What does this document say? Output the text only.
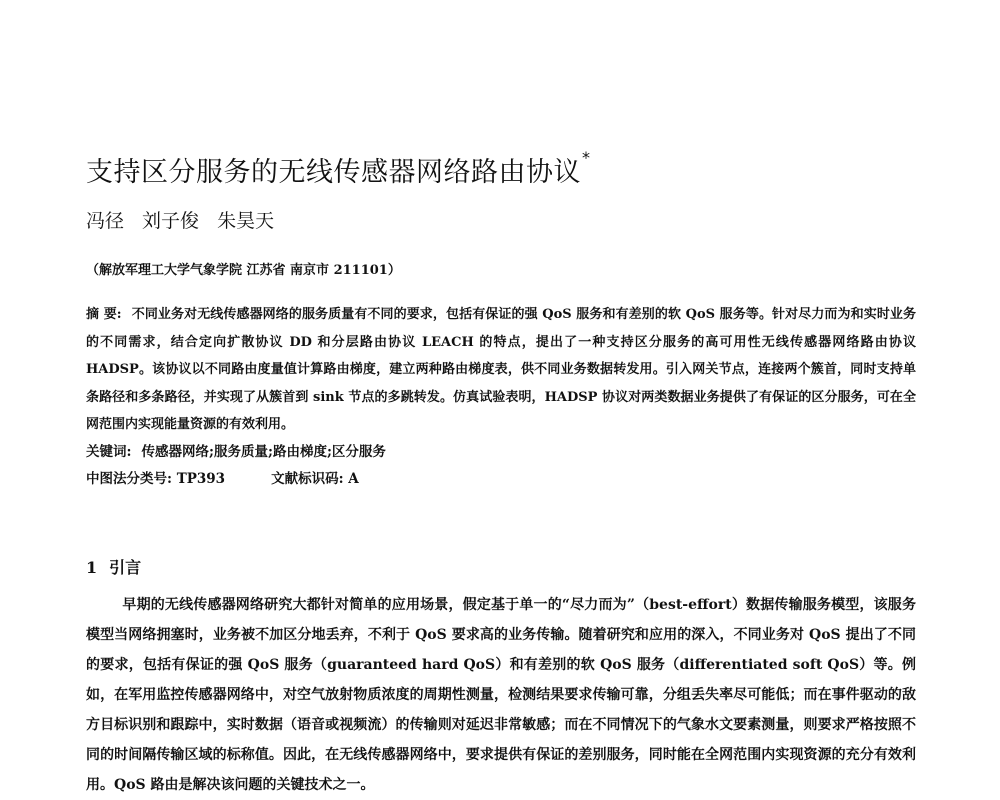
支持区分服务的无线传感器网络路由协议*
冯径 刘子俊 朱昊天
（解放军理工大学气象学院 江苏省 南京市 211101）

摘 要: 不同业务对无线传感器网络的服务质量有不同的要求，包括有保证的强 QoS 服务和有差别的软 QoS 服务等。针对尽力而为和实时业务的不同需求，结合定向扩散协议 DD 和分层路由协议 LEACH 的特点，提出了一种支持区分服务的高可用性无线传感器网络路由协议 HADSP。该协议以不同路由度量值计算路由梯度，建立两种路由梯度表，供不同业务数据转发用。引入网关节点，连接两个簇首，同时支持单条路径和多条路径，并实现了从簇首到 sink 节点的多跳转发。仿真试验表明，HADSP 协议对两类数据业务提供了有保证的区分服务，可在全网范围内实现能量资源的有效利用。

关键词: 传感器网络;服务质量;路由梯度;区分服务

中图法分类号: TP393	文献标识码: A

1 引言

早期的无线传感器网络研究大都针对简单的应用场景，假定基于单一的“尽力而为”（best-effort）数据传输服务模型，该服务模型当网络拥塞时，业务被不加区分地丢弃，不利于 QoS 要求高的业务传输。随着研究和应用的深入，不同业务对 QoS 提出了不同的要求，包括有保证的强 QoS 服务（guaranteed hard QoS）和有差别的软 QoS 服务（differentiated soft QoS）等。例如，在军用监控传感器网络中，对空气放射物质浓度的周期性测量，检测结果要求传输可靠，分组丢失率尽可能低；而在事件驱动的敌方目标识别和跟踪中，实时数据（语音或视频流）的传输则对延迟非常敏感；而在不同情况下的气象水文要素测量，则要求严格按照不同的时间隔传输区域的标称值。因此，在无线传感器网络中，要求提供有保证的差别服务，同时能在全网范围内实现资源的充分有效利用。QoS 路由是解决该问题的关键技术之一。
